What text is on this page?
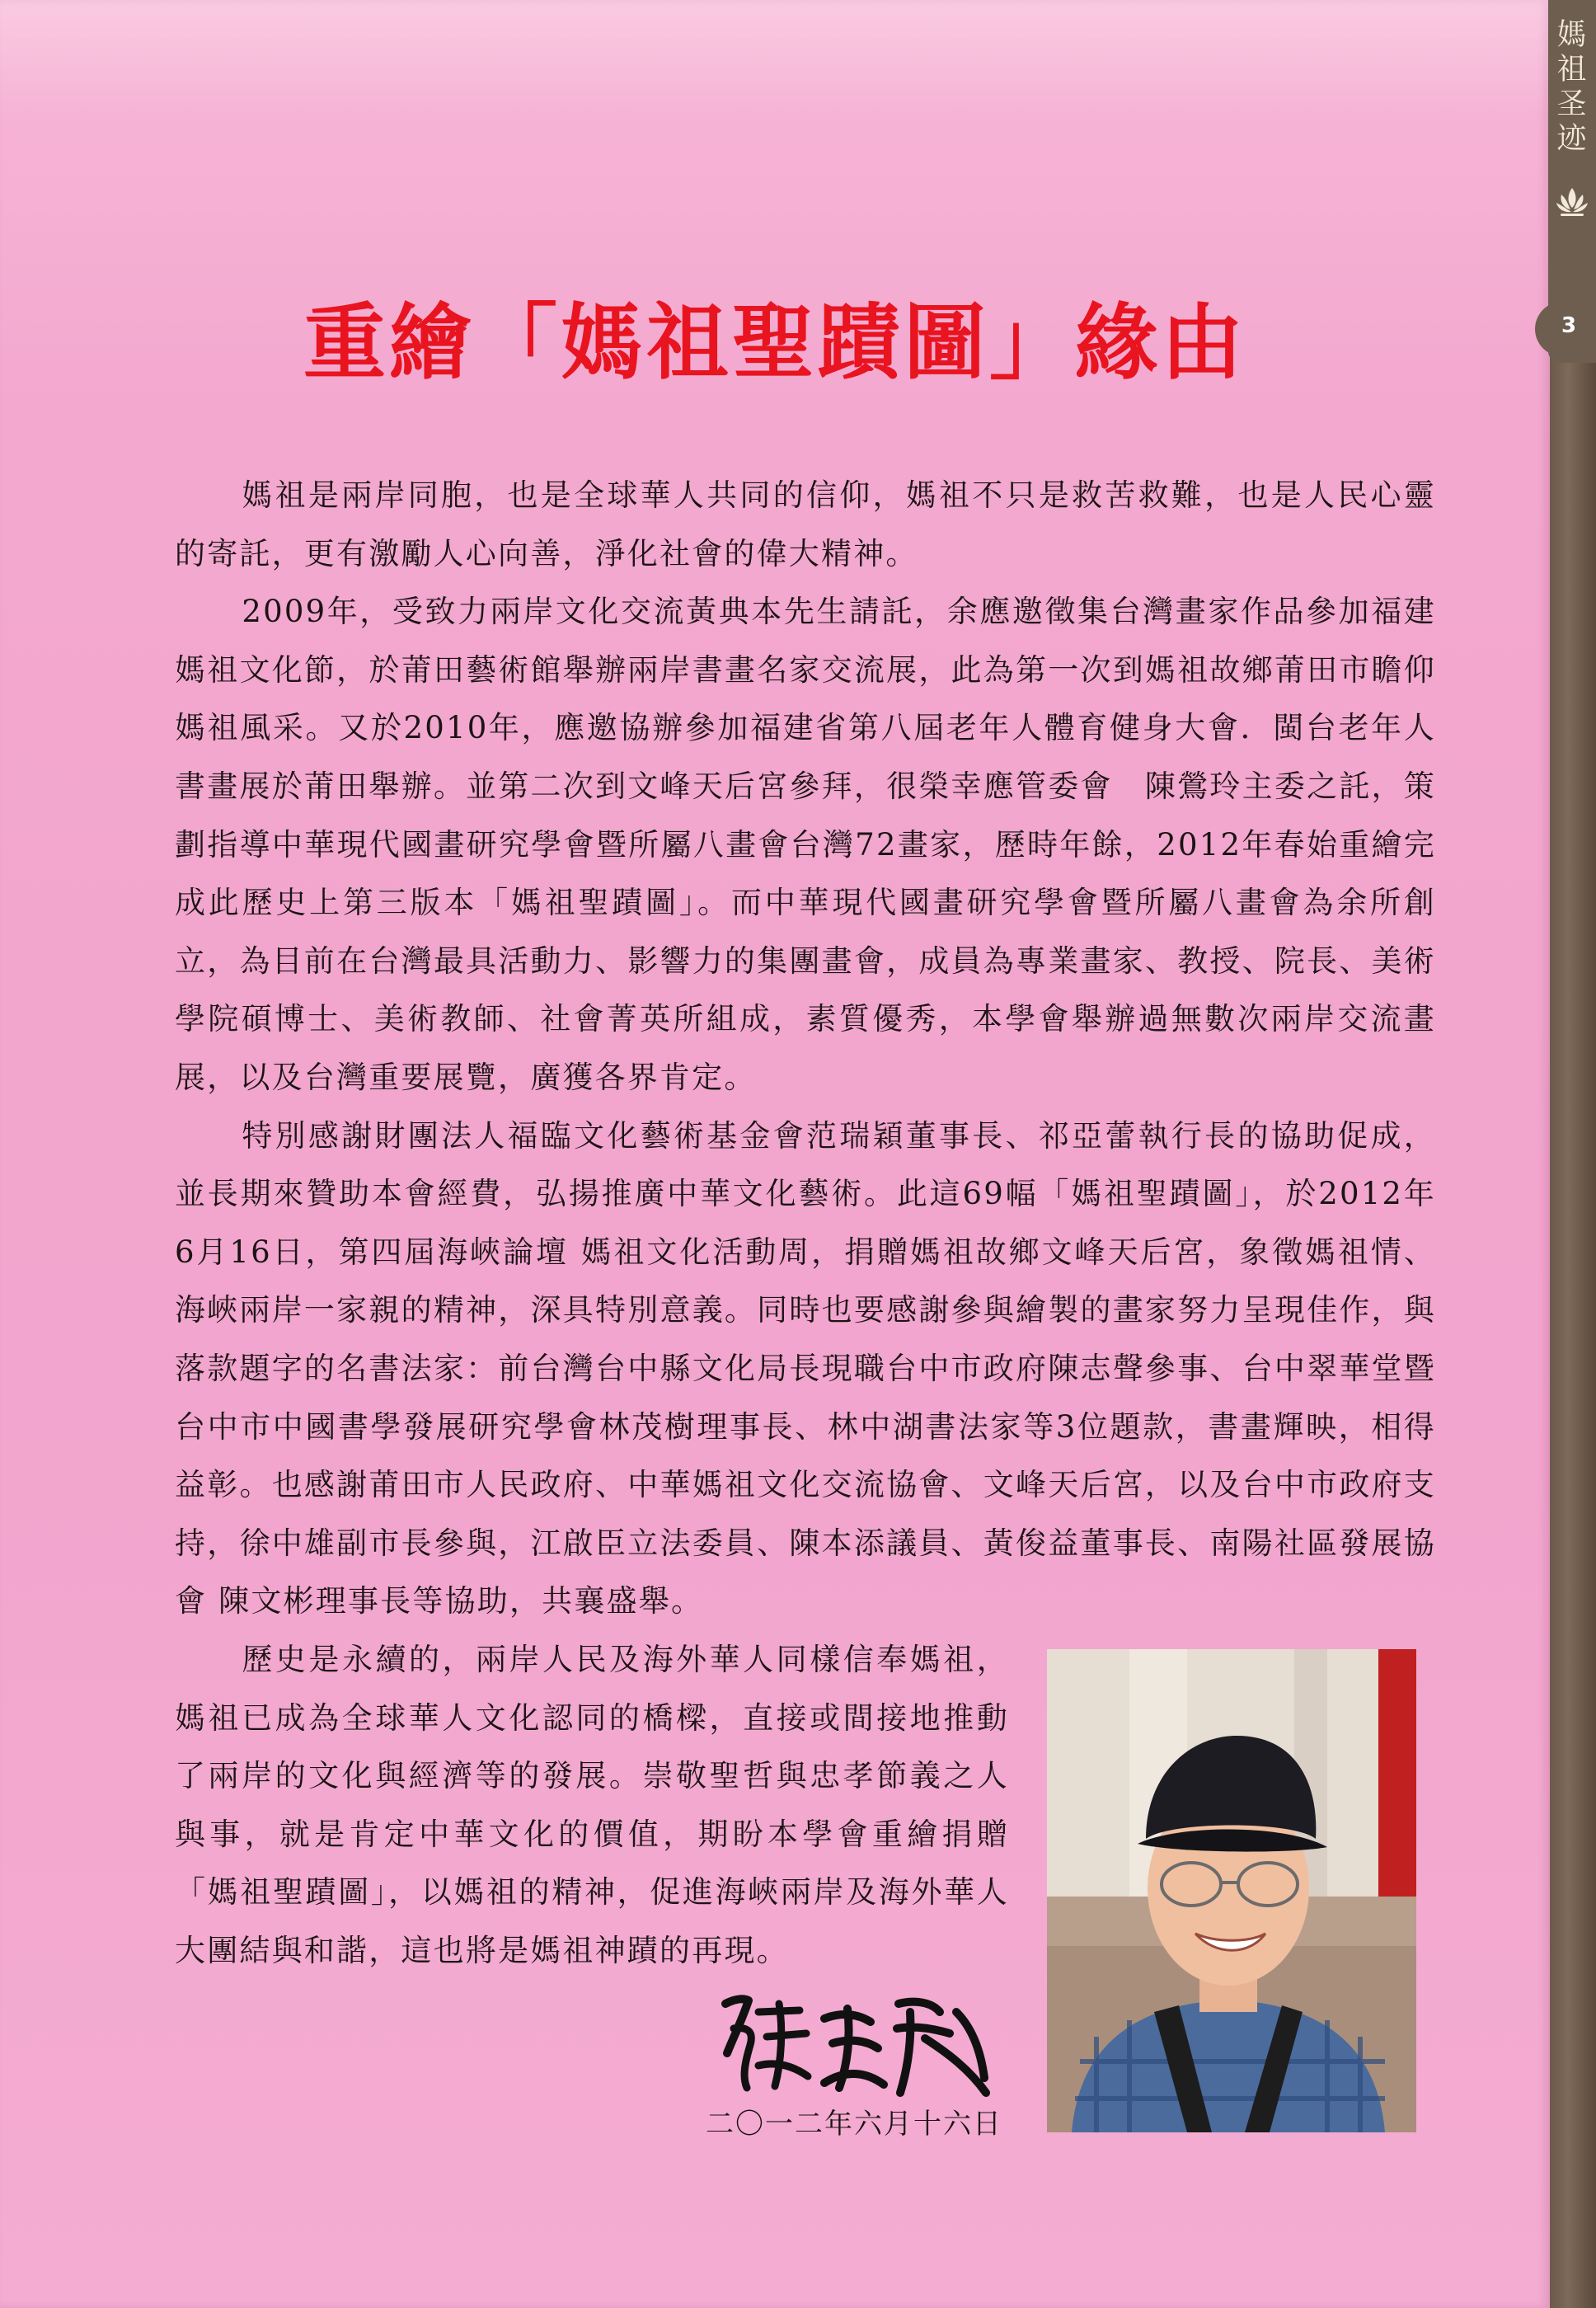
媽祖圣迹
3
重繪「媽祖聖蹟圖」緣由

媽祖是兩岸同胞，也是全球華人共同的信仰，媽祖不只是救苦救難，也是人民心靈的寄託，更有激勵人心向善，淨化社會的偉大精神。

2009年，受致力兩岸文化交流黃典本先生請託，余應邀徵集台灣畫家作品參加福建媽祖文化節，於莆田藝術館舉辦兩岸書畫名家交流展，此為第一次到媽祖故鄉莆田市瞻仰媽祖風采。又於2010年，應邀協辦參加福建省第八屆老年人體育健身大會．閩台老年人書畫展於莆田舉辦。並第二次到文峰天后宮參拜，很榮幸應管委會　陳鶯玲主委之託，策劃指導中華現代國畫研究學會暨所屬八畫會台灣72畫家，歷時年餘，2012年春始重繪完成此歷史上第三版本「媽祖聖蹟圖」。而中華現代國畫研究學會暨所屬八畫會為余所創立，為目前在台灣最具活動力、影響力的集團畫會，成員為專業畫家、教授、院長、美術學院碩博士、美術教師、社會菁英所組成，素質優秀，本學會舉辦過無數次兩岸交流畫展，以及台灣重要展覽，廣獲各界肯定。

特別感謝財團法人福臨文化藝術基金會范瑞穎董事長、祁亞蕾執行長的協助促成，並長期來贊助本會經費，弘揚推廣中華文化藝術。此這69幅「媽祖聖蹟圖」，於2012年6月16日，第四屆海峽論壇 媽祖文化活動周，捐贈媽祖故鄉文峰天后宮，象徵媽祖情、海峽兩岸一家親的精神，深具特別意義。同時也要感謝參與繪製的畫家努力呈現佳作，與落款題字的名書法家：前台灣台中縣文化局長現職台中市政府陳志聲參事、台中翠華堂暨台中市中國書學發展研究學會林茂樹理事長、林中湖書法家等3位題款，書畫輝映，相得益彰。也感謝莆田市人民政府、中華媽祖文化交流協會、文峰天后宮，以及台中市政府支持，徐中雄副市長參與，江啟臣立法委員、陳本添議員、黃俊益董事長、南陽社區發展協會 陳文彬理事長等協助，共襄盛舉。

歷史是永續的，兩岸人民及海外華人同樣信奉媽祖，媽祖已成為全球華人文化認同的橋樑，直接或間接地推動了兩岸的文化與經濟等的發展。崇敬聖哲與忠孝節義之人與事，就是肯定中華文化的價值，期盼本學會重繪捐贈「媽祖聖蹟圖」，以媽祖的精神，促進海峽兩岸及海外華人大團結與和諧，這也將是媽祖神蹟的再現。

二〇一二年六月十六日
